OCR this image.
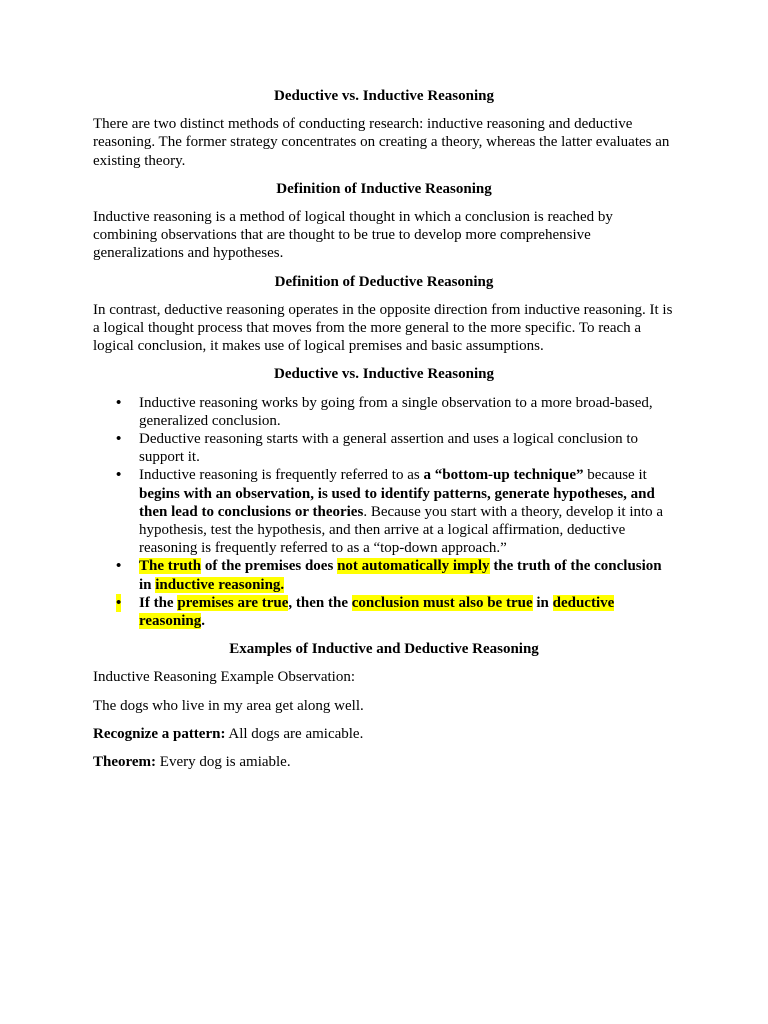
Deductive vs. Inductive Reasoning

There are two distinct methods of conducting research: inductive reasoning and deductive reasoning. The former strategy concentrates on creating a theory, whereas the latter evaluates an existing theory.

Definition of Inductive Reasoning

Inductive reasoning is a method of logical thought in which a conclusion is reached by combining observations that are thought to be true to develop more comprehensive generalizations and hypotheses.

Definition of Deductive Reasoning

In contrast, deductive reasoning operates in the opposite direction from inductive reasoning. It is a logical thought process that moves from the more general to the more specific. To reach a logical conclusion, it makes use of logical premises and basic assumptions.

Deductive vs. Inductive Reasoning

• Inductive reasoning works by going from a single observation to a more broad-based, generalized conclusion.
• Deductive reasoning starts with a general assertion and uses a logical conclusion to support it.
• Inductive reasoning is frequently referred to as a “bottom-up technique” because it begins with an observation, is used to identify patterns, generate hypotheses, and then lead to conclusions or theories. Because you start with a theory, develop it into a hypothesis, test the hypothesis, and then arrive at a logical affirmation, deductive reasoning is frequently referred to as a “top-down approach.”
• The truth of the premises does not automatically imply the truth of the conclusion in inductive reasoning.
• If the premises are true, then the conclusion must also be true in deductive reasoning.

Examples of Inductive and Deductive Reasoning

Inductive Reasoning Example Observation:

The dogs who live in my area get along well.

Recognize a pattern: All dogs are amicable.

Theorem: Every dog is amiable.
